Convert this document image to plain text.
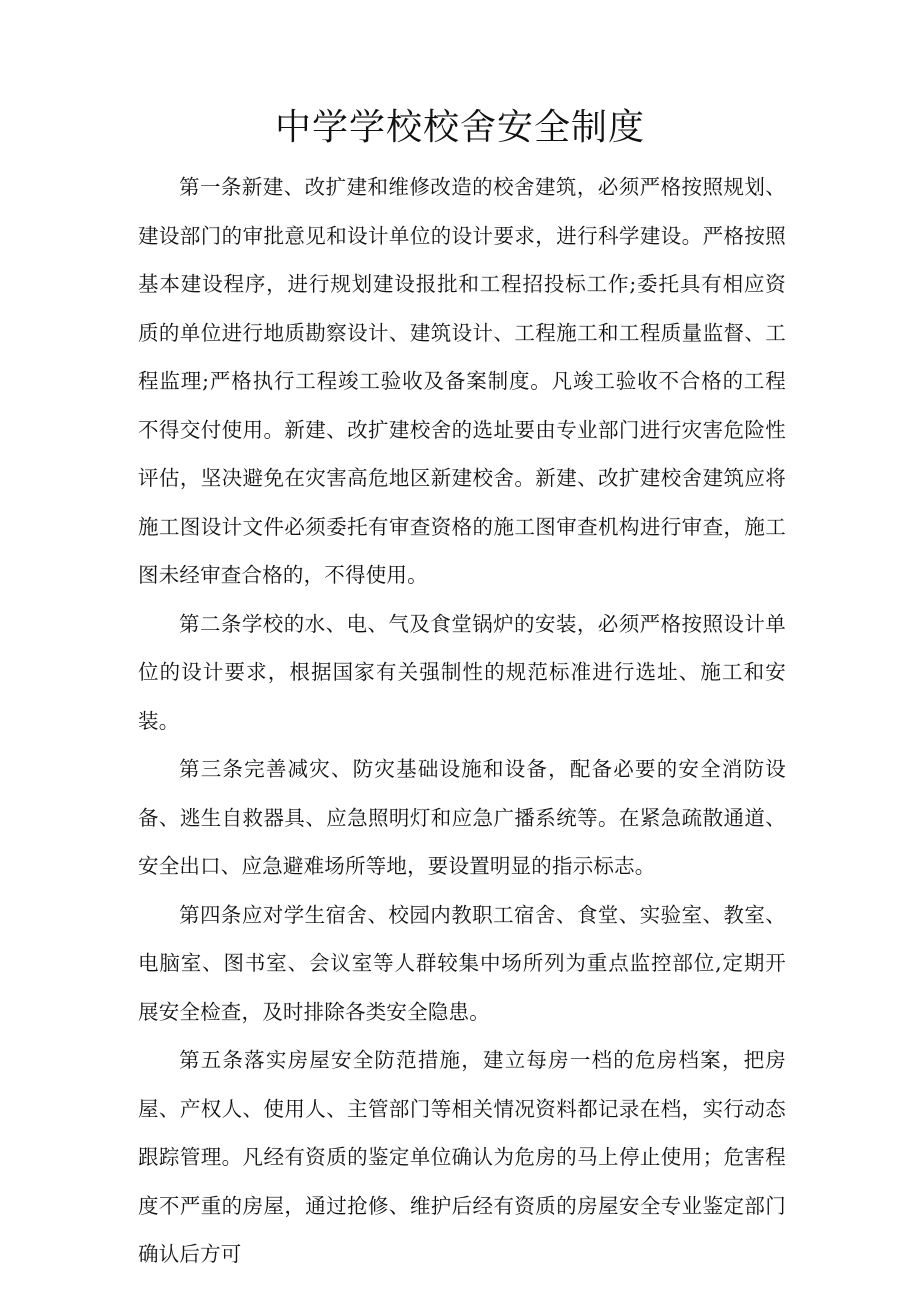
中学学校校舍安全制度

第一条新建、改扩建和维修改造的校舍建筑，必须严格按照规划、建设部门的审批意见和设计单位的设计要求，进行科学建设。严格按照基本建设程序，进行规划建设报批和工程招投标工作;委托具有相应资质的单位进行地质勘察设计、建筑设计、工程施工和工程质量监督、工程监理;严格执行工程竣工验收及备案制度。凡竣工验收不合格的工程不得交付使用。新建、改扩建校舍的选址要由专业部门进行灾害危险性评估，坚决避免在灾害高危地区新建校舍。新建、改扩建校舍建筑应将施工图设计文件必须委托有审查资格的施工图审查机构进行审查，施工图未经审查合格的，不得使用。

第二条学校的水、电、气及食堂锅炉的安装，必须严格按照设计单位的设计要求，根据国家有关强制性的规范标准进行选址、施工和安装。

第三条完善减灾、防灾基础设施和设备，配备必要的安全消防设备、逃生自救器具、应急照明灯和应急广播系统等。在紧急疏散通道、安全出口、应急避难场所等地，要设置明显的指示标志。

第四条应对学生宿舍、校园内教职工宿舍、食堂、实验室、教室、电脑室、图书室、会议室等人群较集中场所列为重点监控部位,定期开展安全检查，及时排除各类安全隐患。

第五条落实房屋安全防范措施，建立每房一档的危房档案，把房屋、产权人、使用人、主管部门等相关情况资料都记录在档，实行动态跟踪管理。凡经有资质的鉴定单位确认为危房的马上停止使用；危害程度不严重的房屋，通过抢修、维护后经有资质的房屋安全专业鉴定部门确认后方可
